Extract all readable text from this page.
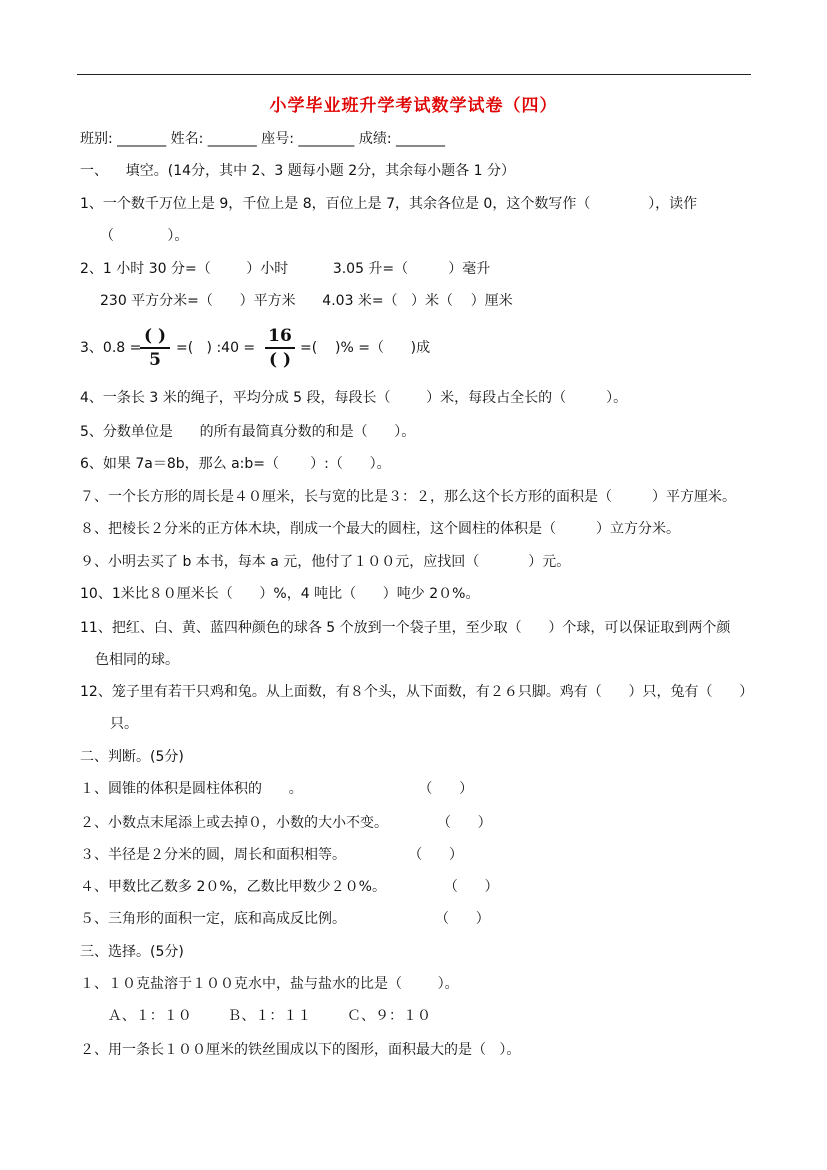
小学毕业班升学考试数学试卷（四）
班别: _______ 姓名: _______ 座号: ________ 成绩: _______
一、    填空。(14分，其中 2、3 题每小题 2分，其余每小题各 1 分）
1、一个数千万位上是 9，千位上是 8，百位上是 7，其余各位是 0，这个数写作（             ），读作
（            ）。
2、1 小时 30 分=（        ）小时          3.05 升=（         ）毫升
230 平方分米=（      ）平方米      4.03 米=（   ）米（    ）厘米
3、0.8 =
( )
5
=(   ) :40 =
16
( )
=(    )% =（      )成
4、一条长 3 米的绳子，平均分成 5 段，每段长（        ）米，每段占全长的（         ）。
5、分数单位是      的所有最简真分数的和是（      ）。
6、如果 7a＝8b，那么 a:b=（       ）:（      ）。
７、一个长方形的周长是４０厘米，长与宽的比是３：２，那么这个长方形的面积是（         ）平方厘米。
８、把棱长２分米的正方体木块，削成一个最大的圆柱，这个圆柱的体积是（         ）立方分米。
９、小明去买了 b 本书，每本 a 元，他付了１００元，应找回（           ）元。
10、1米比８０厘米长（      ）%，4 吨比（      ）吨少 2０%。
11、把红、白、黄、蓝四种颜色的球各 5 个放到一个袋子里，至少取（      ）个球，可以保证取到两个颜
色相同的球。
12、笼子里有若干只鸡和兔。从上面数，有８个头，从下面数，有２６只脚。鸡有（      ）只，兔有（      ）
只。
二、判断。(5分)
１、圆锥的体积是圆柱体积的      。                          （      ）
２、小数点末尾添上或去掉０，小数的大小不变。           （      ）
３、半径是２分米的圆，周长和面积相等。              （      ）
４、甲数比乙数多 2０%，乙数比甲数少２０%。             （      ）
５、三角形的面积一定，底和高成反比例。                    （      ）
三、选择。(5分)
１、１０克盐溶于１００克水中，盐与盐水的比是（        ）。
Ａ、１：１０        Ｂ、１：１１        Ｃ、９：１０
２、用一条长１００厘米的铁丝围成以下的图形，面积最大的是（   ）。
